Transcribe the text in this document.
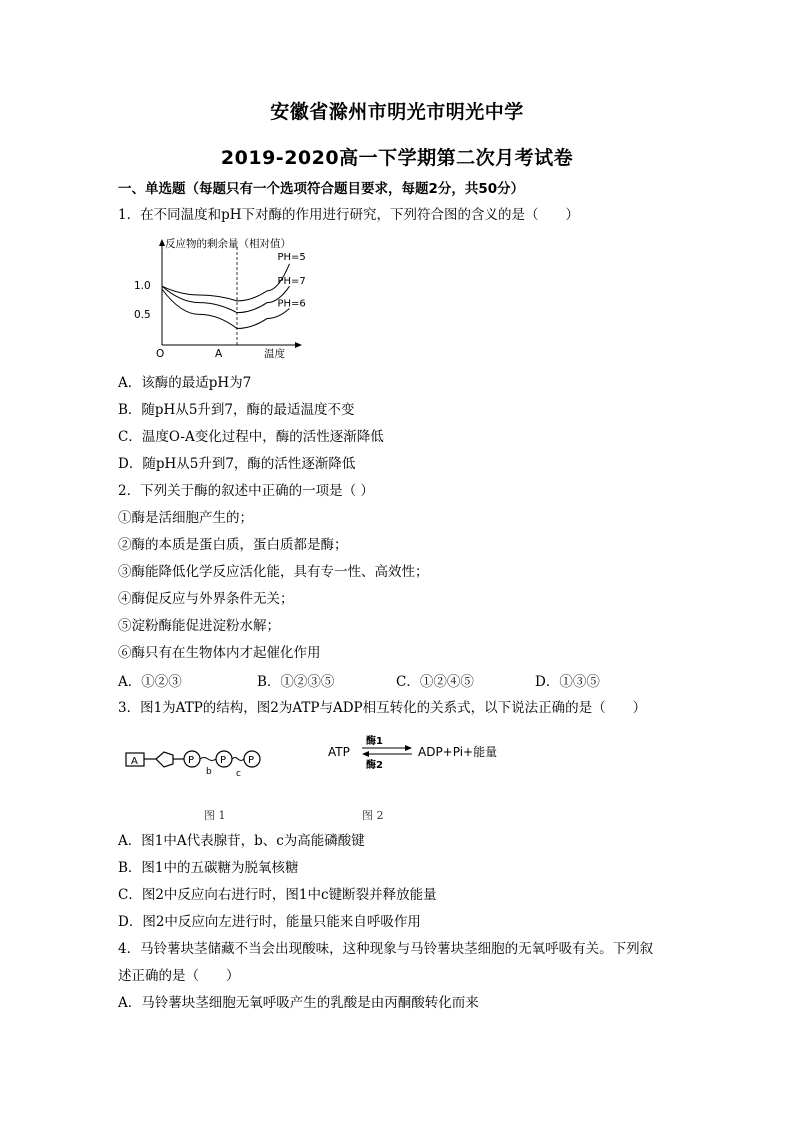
安徽省滁州市明光市明光中学
2019-2020高一下学期第二次月考试卷
一、单选题（每题只有一个选项符合题目要求，每题2分，共50分）
1．在不同温度和pH下对酶的作用进行研究，下列符合图的含义的是（　　）
反应物的剩余量（相对值）
温度
O	A
1.0
0.5
PH=5
PH=7
PH=6
A．该酶的最适pH为7
B．随pH从5升到7，酶的最适温度不变
C．温度O-A变化过程中，酶的活性逐渐降低
D．随pH从5升到7，酶的活性逐渐降低
2．下列关于酶的叙述中正确的一项是（ ）
①酶是活细胞产生的；
②酶的本质是蛋白质，蛋白质都是酶；
③酶能降低化学反应活化能，具有专一性、高效性；
④酶促反应与外界条件无关；
⑤淀粉酶能促进淀粉水解；
⑥酶只有在生物体内才起催化作用
A．①②③	B．①②③⑤	C．①②④⑤	D．①③⑤
3．图1为ATP的结构，图2为ATP与ADP相互转化的关系式，以下说法正确的是（　　）
A	P
b
P
c
P
ATP
酶1
酶2
ADP+Pi+能量
图 1	图 2
A．图1中A代表腺苷，b、c为高能磷酸键
B．图1中的五碳糖为脱氧核糖
C．图2中反应向右进行时，图1中c键断裂并释放能量
D．图2中反应向左进行时，能量只能来自呼吸作用
4．马铃薯块茎储藏不当会出现酸味，这种现象与马铃薯块茎细胞的无氧呼吸有关。下列叙
述正确的是（　　）
A．马铃薯块茎细胞无氧呼吸产生的乳酸是由丙酮酸转化而来
